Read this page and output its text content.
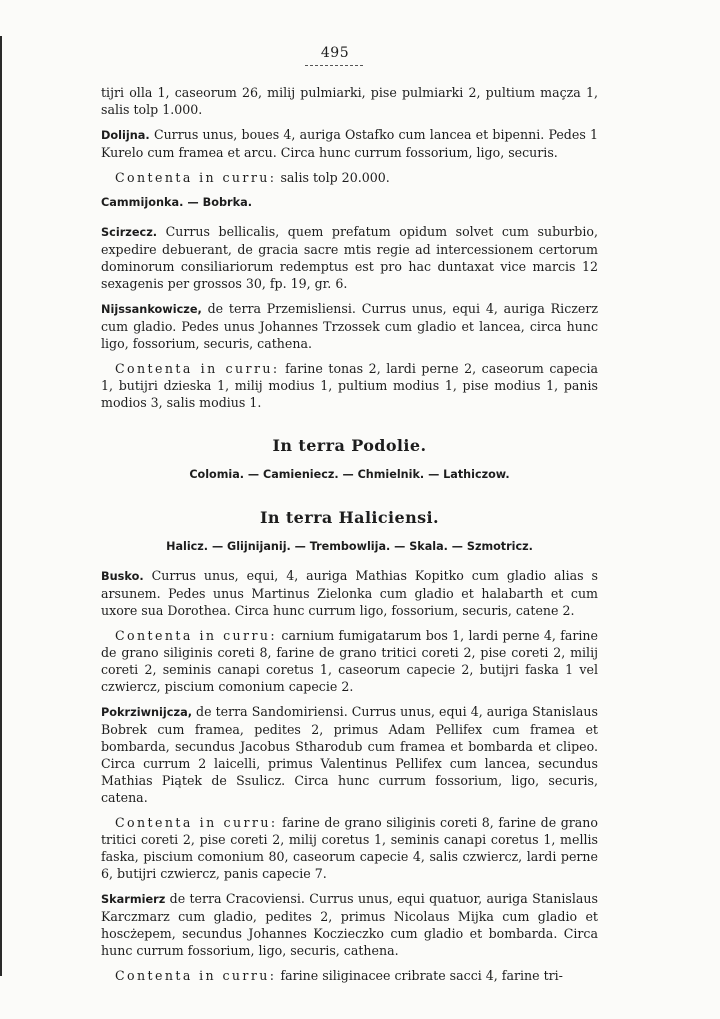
495

tijri olla 1, caseorum 26, milij pulmiarki, pise pulmiarki 2, pultium maçza 1, salis tolp 1.000.

Dolijna. Currus unus, boues 4, auriga Ostafko cum lancea et bipenni. Pedes 1 Kurelo cum framea et arcu. Circa hunc currum fossorium, ligo, securis.

Contenta in curru: salis tolp 20.000.

Cammijonka. — Bobrka.

Scirzecz. Currus bellicalis, quem prefatum opidum solvet cum suburbio, expedire debuerant, de gracia sacre mtis regie ad intercessionem certorum dominorum consiliariorum redemptus est pro hac duntaxat vice marcis 12 sexagenis per grossos 30, fp. 19, gr. 6.

Nijssankowicze, de terra Przemisliensi. Currus unus, equi 4, auriga Riczerz cum gladio. Pedes unus Johannes Trzossek cum gladio et lancea, circa hunc ligo, fossorium, securis, cathena.

Contenta in curru: farine tonas 2, lardi perne 2, caseorum capecia 1, butijri dzieska 1, milij modius 1, pultium modius 1, pise modius 1, panis modios 3, salis modius 1.

In terra Podolie.
Colomia. — Camieniecz. — Chmielnik. — Lathiczow.
In terra Haliciensi.
Halicz. — Glijnijanij. — Trembowlija. — Skala. — Szmotricz.

Busko. Currus unus, equi, 4, auriga Mathias Kopitko cum gladio alias s arsunem. Pedes unus Martinus Zielonka cum gladio et halabarth et cum uxore sua Dorothea. Circa hunc currum ligo, fossorium, securis, catene 2.

Contenta in curru: carnium fumigatarum bos 1, lardi perne 4, farine de grano siliginis coreti 8, farine de grano tritici coreti 2, pise coreti 2, milij coreti 2, seminis canapi coretus 1, caseorum capecie 2, butijri faska 1 vel czwiercz, piscium comonium capecie 2.

Pokrziwnijcza, de terra Sandomiriensi. Currus unus, equi 4, auriga Stanislaus Bobrek cum framea, pedites 2, primus Adam Pellifex cum framea et bombarda, secundus Jacobus Stharodub cum framea et bombarda et clipeo. Circa currum 2 laicelli, primus Valentinus Pellifex cum lancea, secundus Mathias Piątek de Ssulicz. Circa hunc currum fossorium, ligo, securis, catena.

Contenta in curru: farine de grano siliginis coreti 8, farine de grano tritici coreti 2, pise coreti 2, milij coretus 1, seminis canapi coretus 1, mellis faska, piscium comonium 80, caseorum capecie 4, salis czwiercz, lardi perne 6, butijri czwiercz, panis capecie 7.

Skarmierz de terra Cracoviensi. Currus unus, equi quatuor, auriga Stanislaus Karczmarz cum gladio, pedites 2, primus Nicolaus Mijka cum gladio et hoscżepem, secundus Johannes Koczieczko cum gladio et bombarda. Circa hunc currum fossorium, ligo, securis, cathena.

Contenta in curru: farine siliginacee cribrate sacci 4, farine tri-
